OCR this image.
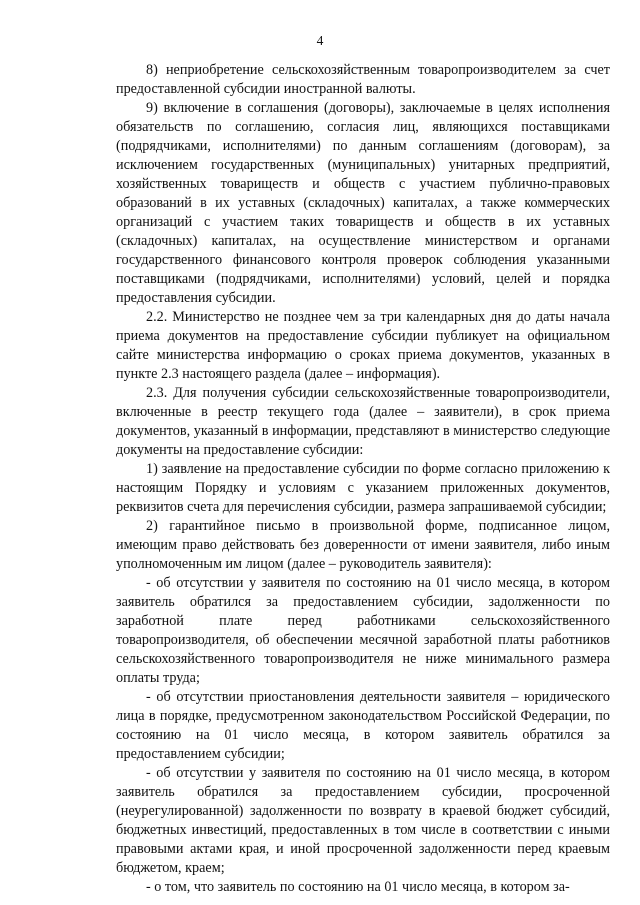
4

8) неприобретение сельскохозяйственным товаропроизводителем за счет предоставленной субсидии иностранной валюты.

9) включение в соглашения (договоры), заключаемые в целях исполнения обязательств по соглашению, согласия лиц, являющихся поставщиками (подрядчиками, исполнителями) по данным соглашениям (договорам), за исключением государственных (муниципальных) унитарных предприятий, хозяйственных товариществ и обществ с участием публично-правовых образований в их уставных (складочных) капиталах, а также коммерческих организаций с участием таких товариществ и обществ в их уставных (складочных) капиталах, на осуществление министерством и органами государственного финансового контроля проверок соблюдения указанными поставщиками (подрядчиками, исполнителями) условий, целей и порядка предоставления субсидии.

2.2. Министерство не позднее чем за три календарных дня до даты начала приема документов на предоставление субсидии публикует на официальном сайте министерства информацию о сроках приема документов, указанных в пункте 2.3 настоящего раздела (далее – информация).

2.3. Для получения субсидии сельскохозяйственные товаропроизводители, включенные в реестр текущего года (далее – заявители), в срок приема документов, указанный в информации, представляют в министерство следующие документы на предоставление субсидии:

1) заявление на предоставление субсидии по форме согласно приложению к настоящим Порядку и условиям с указанием приложенных документов, реквизитов счета для перечисления субсидии, размера запрашиваемой субсидии;

2) гарантийное письмо в произвольной форме, подписанное лицом, имеющим право действовать без доверенности от имени заявителя, либо иным уполномоченным им лицом (далее – руководитель заявителя):

- об отсутствии у заявителя по состоянию на 01 число месяца, в котором заявитель обратился за предоставлением субсидии, задолженности по заработной плате перед работниками сельскохозяйственного товаропроизводителя, об обеспечении месячной заработной платы работников сельскохозяйственного товаропроизводителя не ниже минимального размера оплаты труда;

- об отсутствии приостановления деятельности заявителя – юридического лица в порядке, предусмотренном законодательством Российской Федерации, по состоянию на 01 число месяца, в котором заявитель обратился за предоставлением субсидии;

- об отсутствии у заявителя по состоянию на 01 число месяца, в котором заявитель обратился за предоставлением субсидии, просроченной (неурегулированной) задолженности по возврату в краевой бюджет субсидий, бюджетных инвестиций, предоставленных в том числе в соответствии с иными правовыми актами края, и иной просроченной задолженности перед краевым бюджетом, краем;

- о том, что заявитель по состоянию на 01 число месяца, в котором за-
